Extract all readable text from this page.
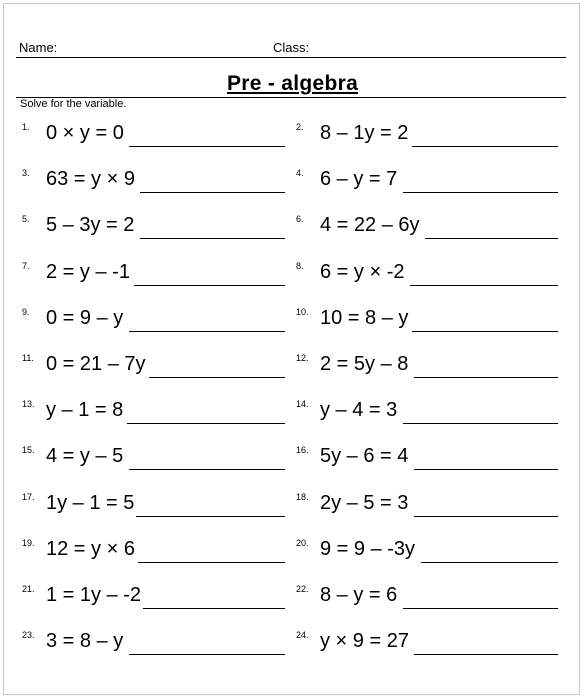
Name:	Class:
Pre - algebra
Solve for the variable.
1. 0 × y = 0	2. 8 – 1y = 2
3. 63 = y × 9	4. 6 – y = 7
5. 5 – 3y = 2	6. 4 = 22 – 6y
7. 2 = y – -1	8. 6 = y × -2
9. 0 = 9 – y	10. 10 = 8 – y
11. 0 = 21 – 7y	12. 2 = 5y – 8
13. y – 1 = 8	14. y – 4 = 3
15. 4 = y – 5	16. 5y – 6 = 4
17. 1y – 1 = 5	18. 2y – 5 = 3
19. 12 = y × 6	20. 9 = 9 – -3y
21. 1 = 1y – -2	22. 8 – y = 6
23. 3 = 8 – y	24. y × 9 = 27
